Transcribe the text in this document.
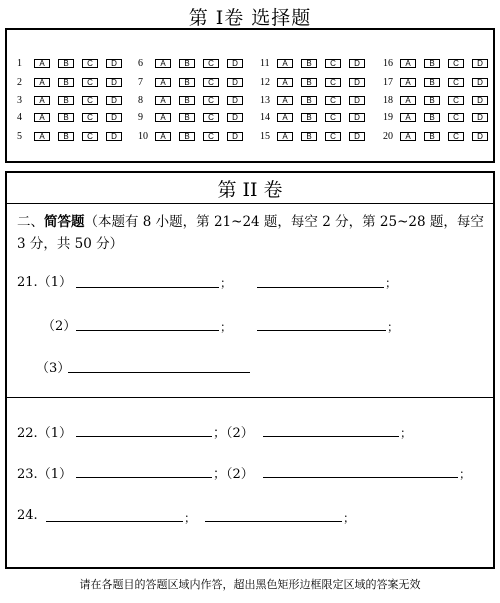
第 I卷 选择题
1	A	B	C	D	6	A	B	C	D	11	A	B	C	D	16	A	B	C	D
2	A	B	C	D	7	A	B	C	D	12	A	B	C	D	17	A	B	C	D
3	A	B	C	D	8	A	B	C	D	13	A	B	C	D	18	A	B	C	D
4	A	B	C	D	9	A	B	C	D	14	A	B	C	D	19	A	B	C	D
5	A	B	C	D	10	A	B	C	D	15	A	B	C	D	20	A	B	C	D
第 II 卷
二、简答题（本题有 8 小题，第 21~24 题，每空 2 分，第 25~28 题，每空 3 分，共 50 分）
21.（1）	；	；
（2）	；	；
（3）
22.（1）	；（2）	；
23.（1）	；（2）	；
24.	；	；
请在各题目的答题区域内作答，超出黑色矩形边框限定区域的答案无效
